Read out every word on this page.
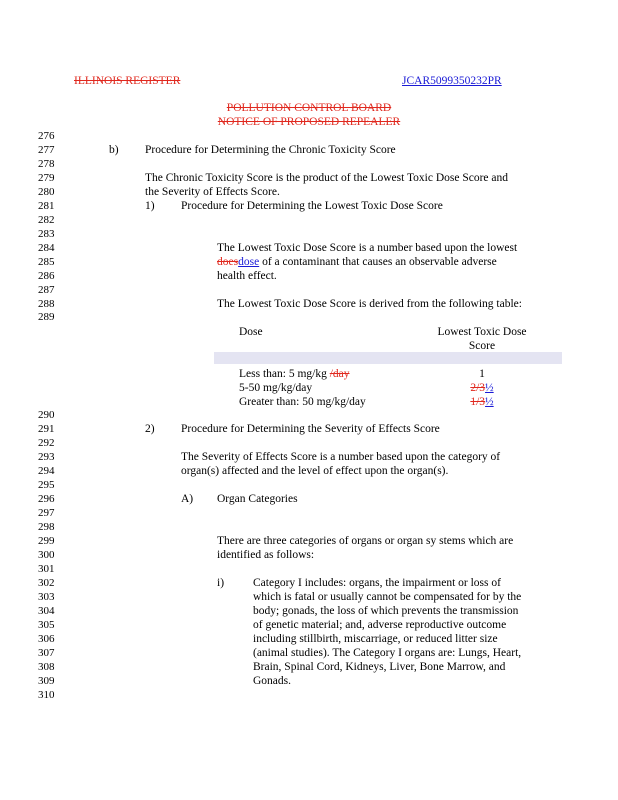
ILLINOIS REGISTER	JCAR5099350232PR
POLLUTION CONTROL BOARD
NOTICE OF PROPOSED REPEALER
276
277
278
279
280
281
282
283
284
285
286
287
288
289
290
291
292
293
294
295
296
297
298
299
300
301
302
303
304
305
306
307
308
309
310
b) Procedure for Determining the Chronic Toxicity Score
The Chronic Toxicity Score is the product of the Lowest Toxic Dose Score and
the Severity of Effects Score.
1) Procedure for Determining the Lowest Toxic Dose Score
The Lowest Toxic Dose Score is a number based upon the lowest
doesdose of a contaminant that causes an observable adverse
health effect.
The Lowest Toxic Dose Score is derived from the following table:
Dose	Lowest Toxic Dose
Score
Less than: 5 mg/kg /day	1
5-50 mg/kg/day	2/3½
Greater than: 50 mg/kg/day	1/3½
2) Procedure for Determining the Severity of Effects Score
The Severity of Effects Score is a number based upon the category of
organ(s) affected and the level of effect upon the organ(s).
A) Organ Categories
There are three categories of organs or organ sy stems which are
identified as follows:
i)	Category I includes: organs, the impairment or loss of
which is fatal or usually cannot be compensated for by the
body; gonads, the loss of which prevents the transmission
of genetic material; and, adverse reproductive outcome
including stillbirth, miscarriage, or reduced litter size
(animal studies). The Category I organs are: Lungs, Heart,
Brain, Spinal Cord, Kidneys, Liver, Bone Marrow, and
Gonads.
